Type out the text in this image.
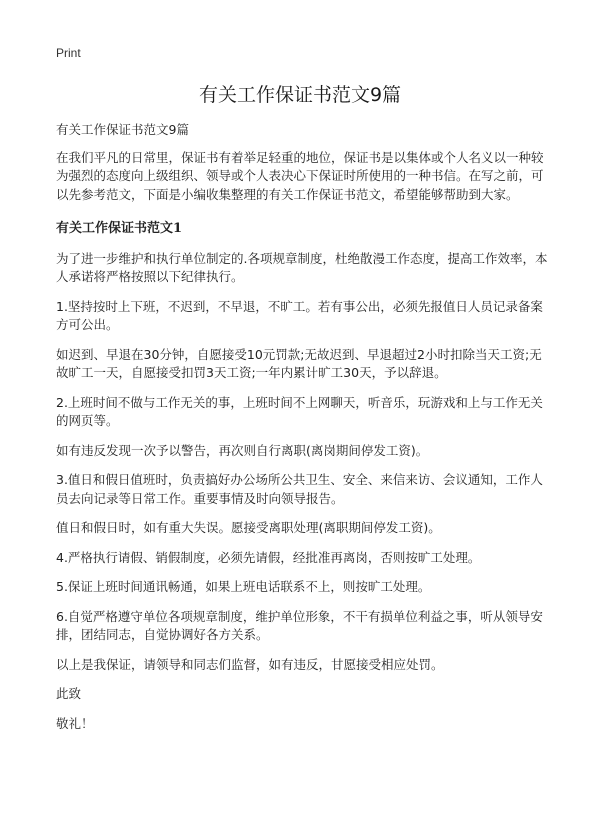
Print
有关工作保证书范文9篇

有关工作保证书范文9篇

在我们平凡的日常里，保证书有着举足轻重的地位，保证书是以集体或个人名义以一种较为强烈的态度向上级组织、领导或个人表决心下保证时所使用的一种书信。在写之前，可以先参考范文，下面是小编收集整理的有关工作保证书范文，希望能够帮助到大家。

有关工作保证书范文1

为了进一步维护和执行单位制定的.各项规章制度，杜绝散漫工作态度，提高工作效率，本人承诺将严格按照以下纪律执行。

1.坚持按时上下班，不迟到，不早退，不旷工。若有事公出，必须先报值日人员记录备案方可公出。

如迟到、早退在30分钟，自愿接受10元罚款;无故迟到、早退超过2小时扣除当天工资;无故旷工一天，自愿接受扣罚3天工资;一年内累计旷工30天，予以辞退。

2.上班时间不做与工作无关的事，上班时间不上网聊天，听音乐，玩游戏和上与工作无关的网页等。

如有违反发现一次予以警告，再次则自行离职(离岗期间停发工资)。

3.值日和假日值班时，负责搞好办公场所公共卫生、安全、来信来访、会议通知，工作人员去向记录等日常工作。重要事情及时向领导报告。

值日和假日时，如有重大失误。愿接受离职处理(离职期间停发工资)。

4.严格执行请假、销假制度，必须先请假，经批准再离岗，否则按旷工处理。

5.保证上班时间通讯畅通，如果上班电话联系不上，则按旷工处理。

6.自觉严格遵守单位各项规章制度，维护单位形象，不干有损单位利益之事，听从领导安排，团结同志，自觉协调好各方关系。

以上是我保证，请领导和同志们监督，如有违反，甘愿接受相应处罚。

此致

敬礼！
